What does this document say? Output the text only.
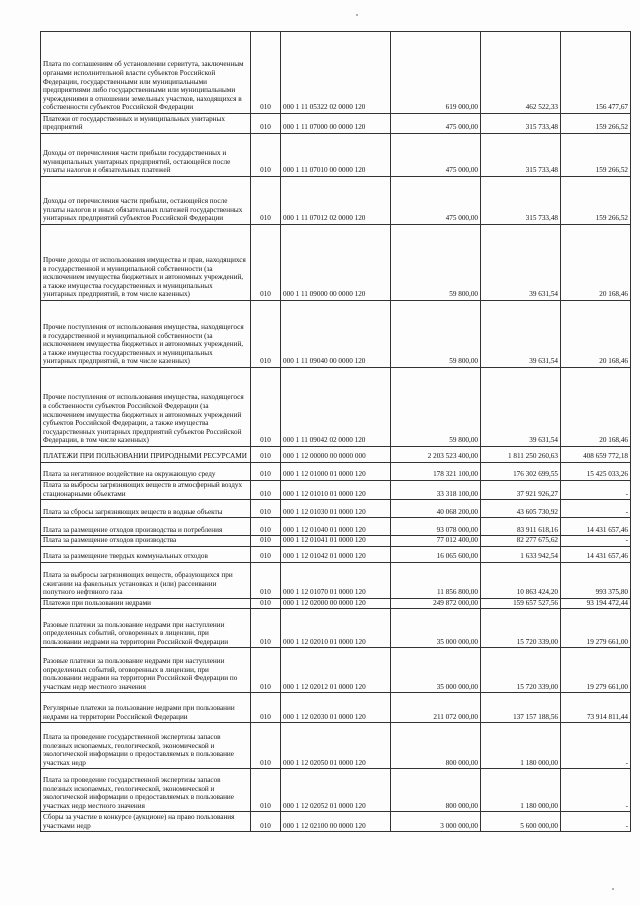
Плата по соглашениям об установлении сервитута, заключенным органами исполнительной власти субъектов Российской Федерации, государственными или муниципальными предприятиями либо государственными или муниципальными учреждениями в отношении земельных участков, находящихся в собственности субъектов Российской Федерации	010	000 1 11 05322 02 0000 120	619 000,00	462 522,33	156 477,67
Платежи от государственных и муниципальных унитарных предприятий	010	000 1 11 07000 00 0000 120	475 000,00	315 733,48	159 266,52
Доходы от перечисления части прибыли государственных и муниципальных унитарных предприятий, остающейся после уплаты налогов и обязательных платежей	010	000 1 11 07010 00 0000 120	475 000,00	315 733,48	159 266,52
Доходы от перечисления части прибыли, остающейся после уплаты налогов и иных обязательных платежей государственных унитарных предприятий субъектов Российской Федерации	010	000 1 11 07012 02 0000 120	475 000,00	315 733,48	159 266,52
Прочие доходы от использования имущества и прав, находящихся в государственной и муниципальной собственности (за исключением имущества бюджетных и автономных учреждений, а также имущества государственных и муниципальных унитарных предприятий, в том числе казенных)	010	000 1 11 09000 00 0000 120	59 800,00	39 631,54	20 168,46
Прочие поступления от использования имущества, находящегося в государственной и муниципальной собственности (за исключением имущества бюджетных и автономных учреждений, а также имущества государственных и муниципальных унитарных предприятий, в том числе казенных)	010	000 1 11 09040 00 0000 120	59 800,00	39 631,54	20 168,46
Прочие поступления от использования имущества, находящегося в собственности субъектов Российской Федерации (за исключением имущества бюджетных и автономных учреждений субъектов Российской Федерации, а также имущества государственных унитарных предприятий субъектов Российской Федерации, в том числе казенных)	010	000 1 11 09042 02 0000 120	59 800,00	39 631,54	20 168,46
ПЛАТЕЖИ ПРИ ПОЛЬЗОВАНИИ ПРИРОДНЫМИ РЕСУРСАМИ	010	000 1 12 00000 00 0000 000	2 203 523 400,00	1 811 250 260,63	408 659 772,18
Плата за негативное воздействие на окружающую среду	010	000 1 12 01000 01 0000 120	178 321 100,00	176 302 699,55	15 425 033,26
Плата за выбросы загрязняющих веществ в атмосферный воздух стационарными объектами	010	000 1 12 01010 01 0000 120	33 318 100,00	37 921 926,27	-
Плата за сбросы загрязняющих веществ в водные объекты	010	000 1 12 01030 01 0000 120	40 068 200,00	43 605 730,92	-
Плата за размещение отходов производства и потребления	010	000 1 12 01040 01 0000 120	93 078 000,00	83 911 618,16	14 431 657,46
Плата за размещение отходов производства	010	000 1 12 01041 01 0000 120	77 012 400,00	82 277 675,62	-
Плата за размещение твердых коммунальных отходов	010	000 1 12 01042 01 0000 120	16 065 600,00	1 633 942,54	14 431 657,46
Плата за выбросы загрязняющих веществ, образующихся при сжигании на факельных установках и (или) рассеивании попутного нефтяного газа	010	000 1 12 01070 01 0000 120	11 856 800,00	10 863 424,20	993 375,80
Платежи при пользовании недрами	010	000 1 12 02000 00 0000 120	249 872 000,00	159 657 527,56	93 194 472,44
Разовые платежи за пользование недрами при наступлении определенных событий, оговоренных в лицензии, при пользовании недрами на территории Российской Федерации	010	000 1 12 02010 01 0000 120	35 000 000,00	15 720 339,00	19 279 661,00
Разовые платежи за пользование недрами при наступлении определенных событий, оговоренных в лицензии, при пользовании недрами на территории Российской Федерации по участкам недр местного значения	010	000 1 12 02012 01 0000 120	35 000 000,00	15 720 339,00	19 279 661,00
Регулярные платежи за пользование недрами при пользовании недрами на территории Российской Федерации	010	000 1 12 02030 01 0000 120	211 072 000,00	137 157 188,56	73 914 811,44
Плата за проведение государственной экспертизы запасов полезных ископаемых, геологической, экономической и экологической информации о предоставляемых в пользование участках недр	010	000 1 12 02050 01 0000 120	800 000,00	1 180 000,00	-
Плата за проведение государственной экспертизы запасов полезных ископаемых, геологической, экономической и экологической информации о предоставляемых в пользование участках недр местного значения	010	000 1 12 02052 01 0000 120	800 000,00	1 180 000,00	-
Сборы за участие в конкурсе (аукционе) на право пользования участками недр	010	000 1 12 02100 00 0000 120	3 000 000,00	5 600 000,00	-
